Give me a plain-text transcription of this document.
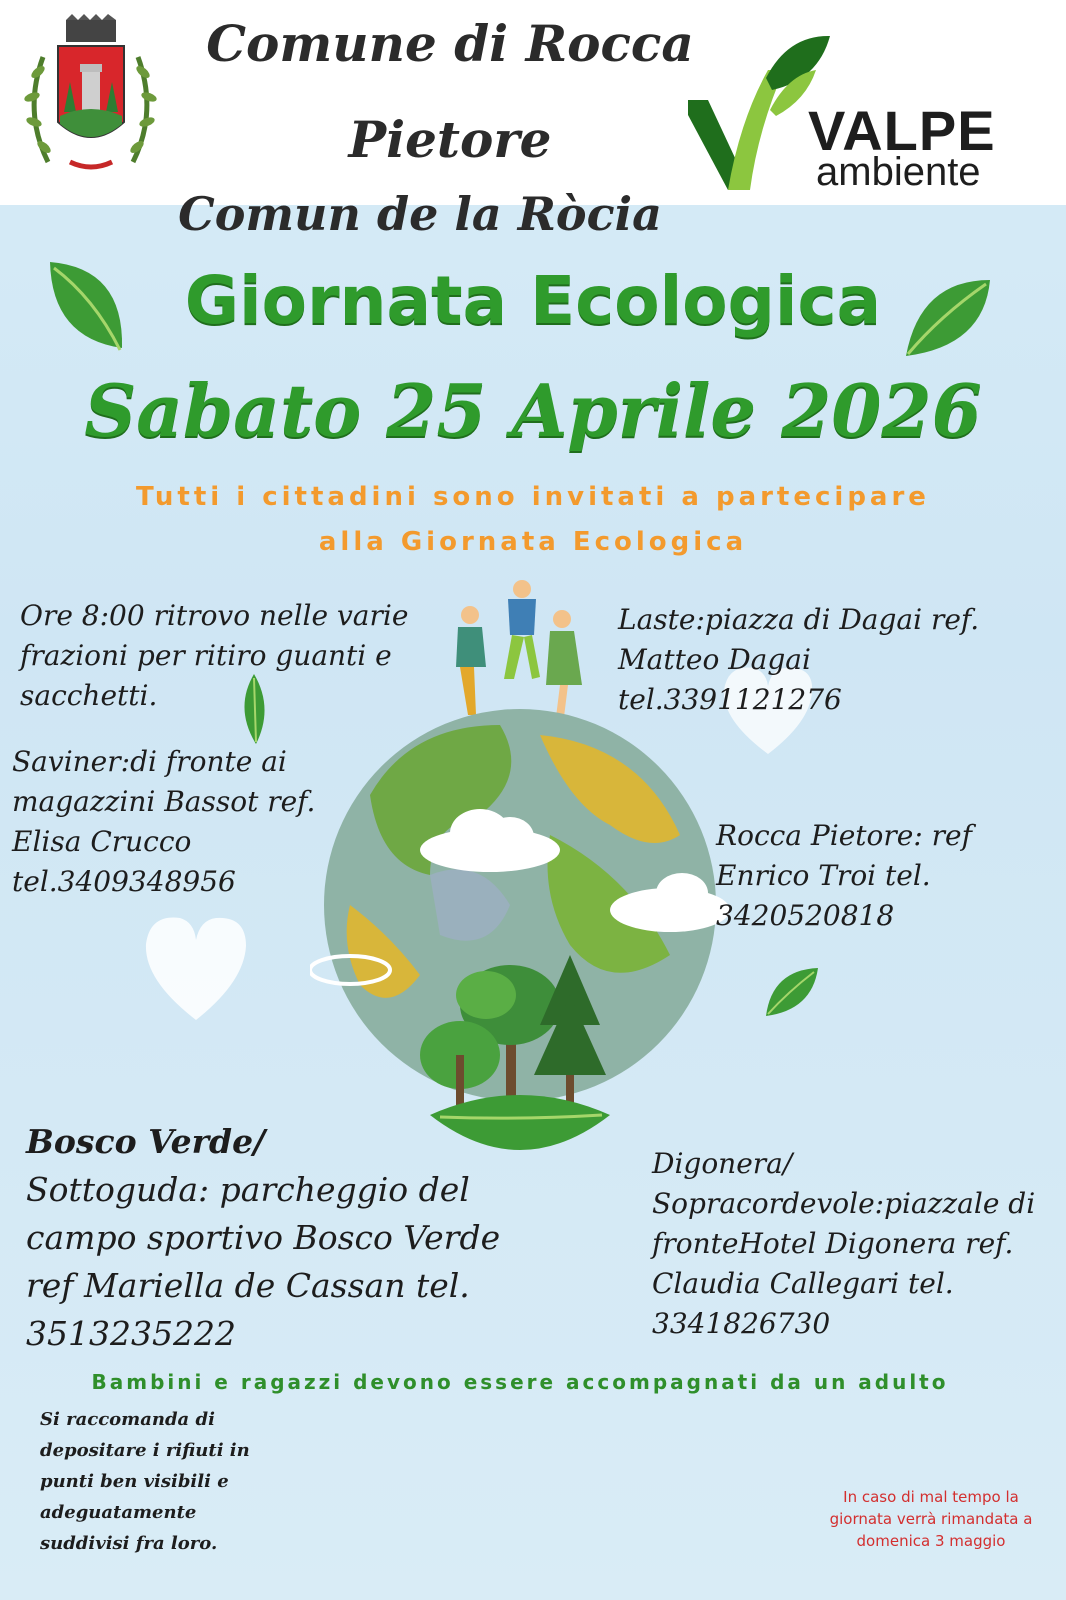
Comune di Rocca
Pietore
Comun de la Ròcia
VALPE
ambiente
Giornata Ecologica
Sabato 25 Aprile 2026
Tutti i cittadini sono invitati a partecipare
alla Giornata Ecologica
Ore 8:00 ritrovo nelle varie frazioni per ritiro guanti e sacchetti.
Saviner:di fronte ai magazzini Bassot ref. Elisa Crucco tel.3409348956
Laste:piazza di Dagai ref. Matteo Dagai tel.3391121276
Rocca Pietore: ref Enrico Troi tel. 3420520818
Bosco Verde/
Sottoguda: parcheggio del campo sportivo Bosco Verde ref Mariella de Cassan tel. 3513235222
Digonera/ Sopracordevole:piazzale di fronteHotel Digonera ref. Claudia Callegari tel. 3341826730
Bambini e ragazzi devono essere accompagnati da un adulto
Si raccomanda di depositare i rifiuti in punti ben visibili e adeguatamente suddivisi fra loro.
In caso di mal tempo la giornata verrà rimandata a domenica 3 maggio
